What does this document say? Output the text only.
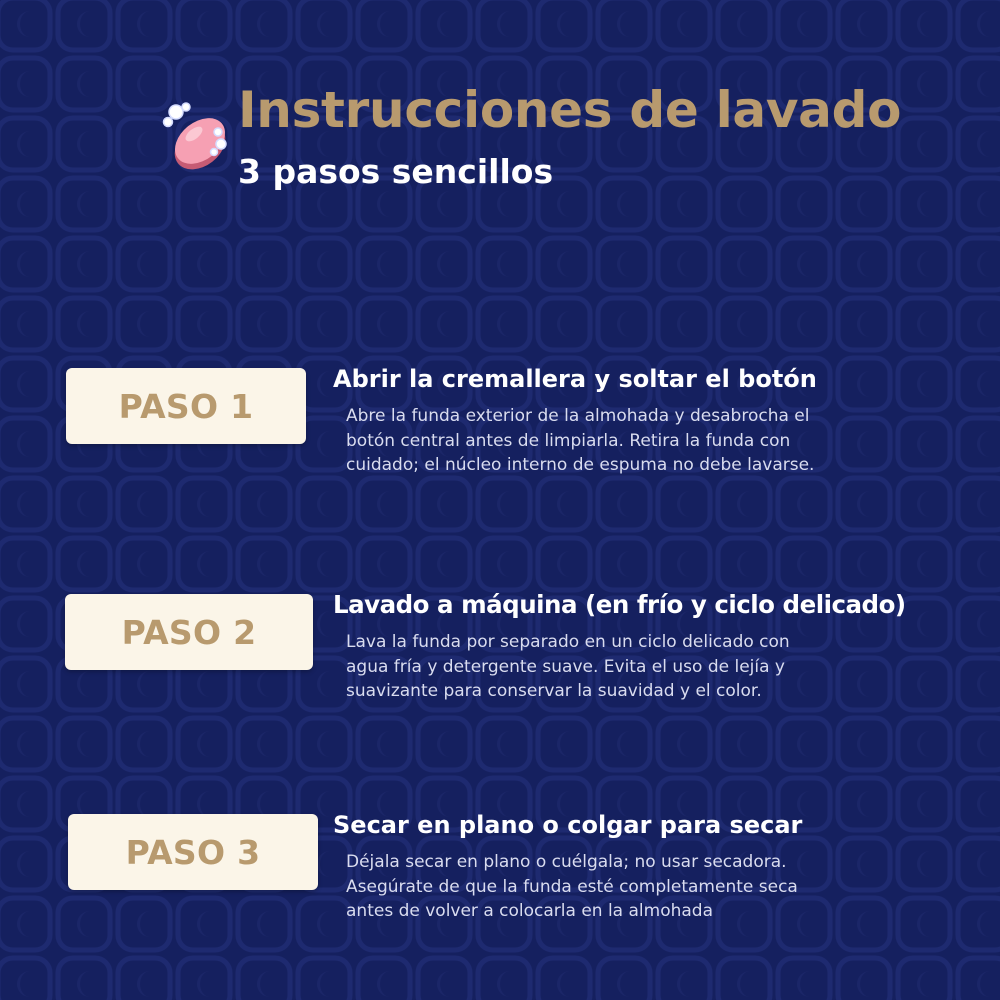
Instrucciones de lavado
3 pasos sencillos
PASO 1
Abrir la cremallera y soltar el botón

Abre la funda exterior de la almohada y desabrocha el
botón central antes de limpiarla. Retira la funda con
cuidado; el núcleo interno de espuma no debe lavarse.

PASO 2
Lavado a máquina (en frío y ciclo delicado)

Lava la funda por separado en un ciclo delicado con
agua fría y detergente suave. Evita el uso de lejía y
suavizante para conservar la suavidad y el color.

PASO 3
Secar en plano o colgar para secar

Déjala secar en plano o cuélgala; no usar secadora.
Asegúrate de que la funda esté completamente seca
antes de volver a colocarla en la almohada
